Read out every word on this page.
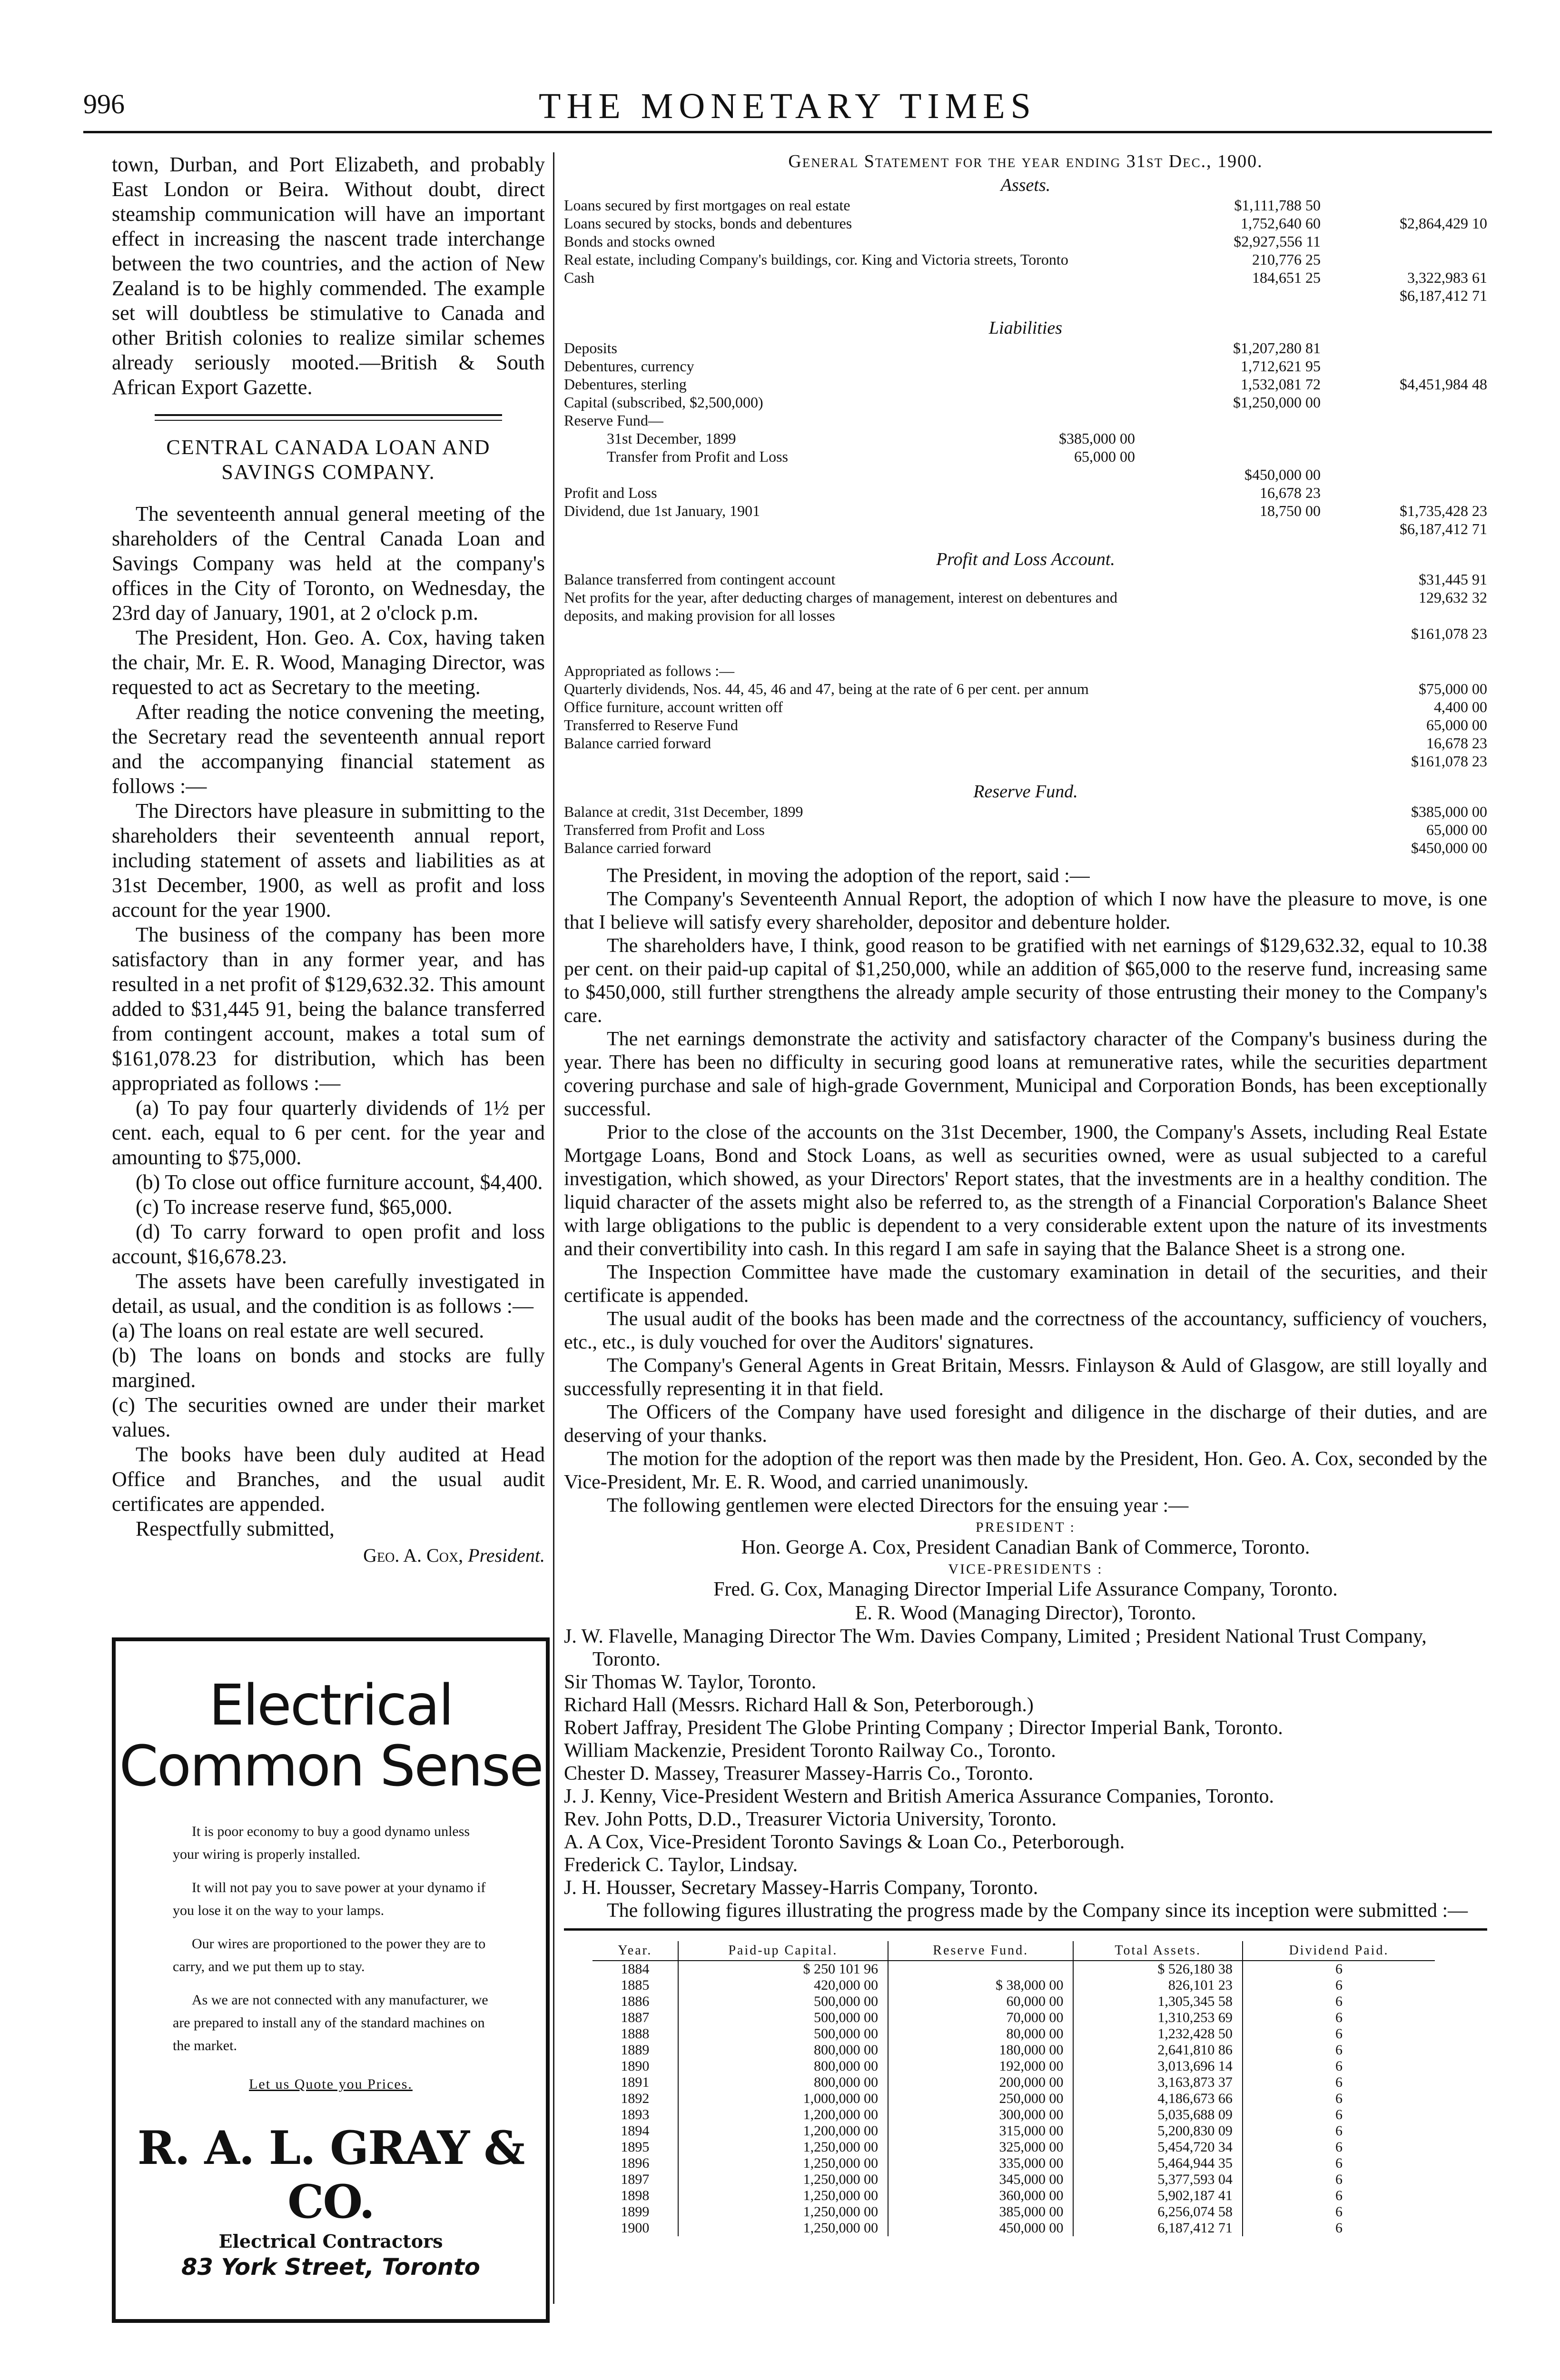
996	THE MONETARY TIMES

town, Durban, and Port Elizabeth, and probably East London or Beira. Without doubt, direct steamship communication will have an important effect in increasing the nascent trade interchange between the two countries, and the action of New Zealand is to be highly commended. The example set will doubtless be stimulative to Canada and other British colonies to realize similar schemes already seriously mooted.—British & South African Export Gazette.

CENTRAL CANADA LOAN AND

SAVINGS COMPANY.

The seventeenth annual general meeting of the shareholders of the Central Canada Loan and Savings Company was held at the company's offices in the City of Toronto, on Wednesday, the 23rd day of January, 1901, at 2 o'clock p.m.

The President, Hon. Geo. A. Cox, having taken the chair, Mr. E. R. Wood, Managing Director, was requested to act as Secretary to the meeting.

After reading the notice convening the meeting, the Secretary read the seventeenth annual report and the accompanying financial statement as follows :—

The Directors have pleasure in submitting to the shareholders their seventeenth annual report, including statement of assets and liabilities as at 31st December, 1900, as well as profit and loss account for the year 1900.

The business of the company has been more satisfactory than in any former year, and has resulted in a net profit of $129,632.32. This amount added to $31,445 91, being the balance transferred from contingent account, makes a total sum of $161,078.23 for distribution, which has been appropriated as follows :—

(a) To pay four quarterly dividends of 1½ per cent. each, equal to 6 per cent. for the year and amounting to $75,000.

(b) To close out office furniture account, $4,400.

(c) To increase reserve fund, $65,000.

(d) To carry forward to open profit and loss account, $16,678.23.

The assets have been carefully investigated in detail, as usual, and the condition is as follows :—

(a) The loans on real estate are well secured.

(b) The loans on bonds and stocks are fully margined.

(c) The securities owned are under their market values.

The books have been duly audited at Head Office and Branches, and the usual audit certificates are appended.

Respectfully submitted,

Geo. A. Cox, President.

Electrical
Common Sense

It is poor economy to buy a good dynamo unless your wiring is properly installed.

It will not pay you to save power at your dynamo if you lose it on the way to your lamps.

Our wires are proportioned to the power they are to carry, and we put them up to stay.

As we are not connected with any manufacturer, we are prepared to install any of the standard machines on the market.

Let us Quote you Prices.
R. A. L. GRAY & CO.
Electrical Contractors
83 York Street, Toronto
General Statement for the year ending 31st Dec., 1900.
Assets.
Loans secured by first mortgages on real estate	$1,111,788 50
Loans secured by stocks, bonds and debentures	1,752,640 60	$2,864,429 10
Bonds and stocks owned	$2,927,556 11
Real estate, including Company's buildings, cor. King and Victoria streets, Toronto	210,776 25
Cash	184,651 25	3,322,983 61
$6,187,412 71
Liabilities
Deposits	$1,207,280 81
Debentures, currency	1,712,621 95
Debentures, sterling	1,532,081 72	$4,451,984 48
Capital (subscribed, $2,500,000)	$1,250,000 00
Reserve Fund—
31st December, 1899	$385,000 00
Transfer from Profit and Loss	65,000 00
$450,000 00
Profit and Loss	16,678 23
Dividend, due 1st January, 1901	18,750 00	$1,735,428 23
$6,187,412 71
Profit and Loss Account.
Balance transferred from contingent account	$31,445 91
Net profits for the year, after deducting charges of management, interest on debentures and	129,632 32
deposits, and making provision for all losses
$161,078 23
Appropriated as follows :—
Quarterly dividends, Nos. 44, 45, 46 and 47, being at the rate of 6 per cent. per annum	$75,000 00
Office furniture, account written off	4,400 00
Transferred to Reserve Fund	65,000 00
Balance carried forward	16,678 23
$161,078 23
Reserve Fund.
Balance at credit, 31st December, 1899	$385,000 00
Transferred from Profit and Loss	65,000 00
Balance carried forward	$450,000 00

The President, in moving the adoption of the report, said :—

The Company's Seventeenth Annual Report, the adoption of which I now have the pleasure to move, is one that I believe will satisfy every shareholder, depositor and debenture holder.

The shareholders have, I think, good reason to be gratified with net earnings of $129,632.32, equal to 10.38 per cent. on their paid-up capital of $1,250,000, while an addition of $65,000 to the reserve fund, increasing same to $450,000, still further strengthens the already ample security of those entrusting their money to the Company's care.

The net earnings demonstrate the activity and satisfactory character of the Company's business during the year. There has been no difficulty in securing good loans at remunerative rates, while the securities department covering purchase and sale of high-grade Government, Municipal and Corporation Bonds, has been exceptionally successful.

Prior to the close of the accounts on the 31st December, 1900, the Company's Assets, including Real Estate Mortgage Loans, Bond and Stock Loans, as well as securities owned, were as usual subjected to a careful investigation, which showed, as your Directors' Report states, that the investments are in a healthy condition. The liquid character of the assets might also be referred to, as the strength of a Financial Corporation's Balance Sheet with large obligations to the public is dependent to a very considerable extent upon the nature of its investments and their convertibility into cash. In this regard I am safe in saying that the Balance Sheet is a strong one.

The Inspection Committee have made the customary examination in detail of the securities, and their certificate is appended.

The usual audit of the books has been made and the correctness of the accountancy, sufficiency of vouchers, etc., etc., is duly vouched for over the Auditors' signatures.

The Company's General Agents in Great Britain, Messrs. Finlayson & Auld of Glasgow, are still loyally and successfully representing it in that field.

The Officers of the Company have used foresight and diligence in the discharge of their duties, and are deserving of your thanks.

The motion for the adoption of the report was then made by the President, Hon. Geo. A. Cox, seconded by the Vice-President, Mr. E. R. Wood, and carried unanimously.

The following gentlemen were elected Directors for the ensuing year :—

PRESIDENT :
Hon. George A. Cox, President Canadian Bank of Commerce, Toronto.
VICE-PRESIDENTS :
Fred. G. Cox, Managing Director Imperial Life Assurance Company, Toronto.
E. R. Wood (Managing Director), Toronto.

J. W. Flavelle, Managing Director The Wm. Davies Company, Limited ; President National Trust Company, Toronto.

Sir Thomas W. Taylor, Toronto.

Richard Hall (Messrs. Richard Hall & Son, Peterborough.)

Robert Jaffray, President The Globe Printing Company ; Director Imperial Bank, Toronto.

William Mackenzie, President Toronto Railway Co., Toronto.

Chester D. Massey, Treasurer Massey-Harris Co., Toronto.

J. J. Kenny, Vice-President Western and British America Assurance Companies, Toronto.

Rev. John Potts, D.D., Treasurer Victoria University, Toronto.

A. A Cox, Vice-President Toronto Savings & Loan Co., Peterborough.

Frederick C. Taylor, Lindsay.

J. H. Housser, Secretary Massey-Harris Company, Toronto.

The following figures illustrating the progress made by the Company since its inception were submitted :—

Year.	Paid-up Capital.	Reserve Fund.	Total Assets.	Dividend Paid.
1884	$ 250 101 96		$ 526,180 38	6
1885	420,000 00	$ 38,000 00	826,101 23	6
1886	500,000 00	60,000 00	1,305,345 58	6
1887	500,000 00	70,000 00	1,310,253 69	6
1888	500,000 00	80,000 00	1,232,428 50	6
1889	800,000 00	180,000 00	2,641,810 86	6
1890	800,000 00	192,000 00	3,013,696 14	6
1891	800,000 00	200,000 00	3,163,873 37	6
1892	1,000,000 00	250,000 00	4,186,673 66	6
1893	1,200,000 00	300,000 00	5,035,688 09	6
1894	1,200,000 00	315,000 00	5,200,830 09	6
1895	1,250,000 00	325,000 00	5,454,720 34	6
1896	1,250,000 00	335,000 00	5,464,944 35	6
1897	1,250,000 00	345,000 00	5,377,593 04	6
1898	1,250,000 00	360,000 00	5,902,187 41	6
1899	1,250,000 00	385,000 00	6,256,074 58	6
1900	1,250,000 00	450,000 00	6,187,412 71	6
